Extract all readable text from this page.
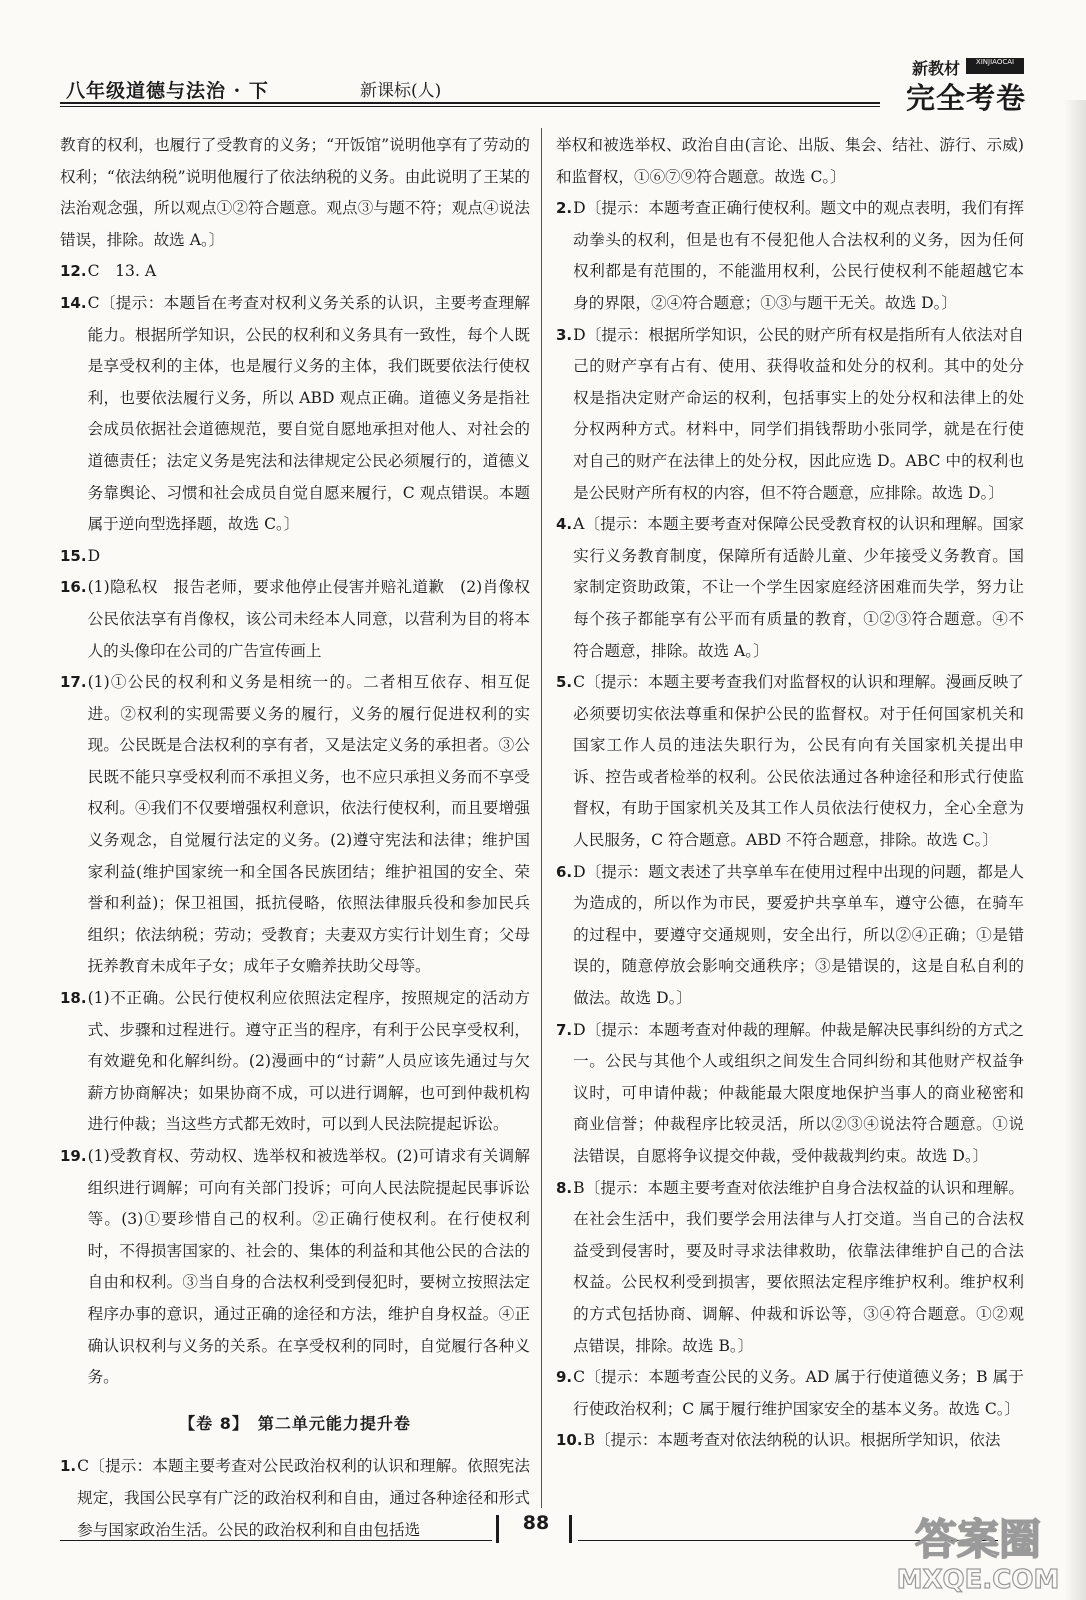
八年级道德与法治 · 下	新课标(人)
新教材	XINJIAOCAI
完全考卷

教育的权利，也履行了受教育的义务；“开饭馆”说明他享有了劳动的权利；“依法纳税”说明他履行了依法纳税的义务。由此说明了王某的法治观念强，所以观点①②符合题意。观点③与题不符；观点④说法错误，排除。故选 A。〕

12. C　13. A
14. C〔提示：本题旨在考查对权利义务关系的认识，主要考查理解能力。根据所学知识，公民的权利和义务具有一致性，每个人既是享受权利的主体，也是履行义务的主体，我们既要依法行使权利，也要依法履行义务，所以 ABD 观点正确。道德义务是指社会成员依据社会道德规范，要自觉自愿地承担对他人、对社会的道德责任；法定义务是宪法和法律规定公民必须履行的，道德义务靠舆论、习惯和社会成员自觉自愿来履行，C 观点错误。本题属于逆向型选择题，故选 C。〕
15. D
16. (1)隐私权　报告老师，要求他停止侵害并赔礼道歉　(2)肖像权　公民依法享有肖像权，该公司未经本人同意，以营利为目的将本人的头像印在公司的广告宣传画上
17. (1)①公民的权利和义务是相统一的。二者相互依存、相互促进。②权利的实现需要义务的履行，义务的履行促进权利的实现。公民既是合法权利的享有者，又是法定义务的承担者。③公民既不能只享受权利而不承担义务，也不应只承担义务而不享受权利。④我们不仅要增强权利意识，依法行使权利，而且要增强义务观念，自觉履行法定的义务。(2)遵守宪法和法律；维护国家利益(维护国家统一和全国各民族团结；维护祖国的安全、荣誉和利益)；保卫祖国，抵抗侵略，依照法律服兵役和参加民兵组织；依法纳税；劳动；受教育；夫妻双方实行计划生育；父母抚养教育未成年子女；成年子女赡养扶助父母等。
18. (1)不正确。公民行使权利应依照法定程序，按照规定的活动方式、步骤和过程进行。遵守正当的程序，有利于公民享受权利，有效避免和化解纠纷。(2)漫画中的“讨薪”人员应该先通过与欠薪方协商解决；如果协商不成，可以进行调解，也可到仲裁机构进行仲裁；当这些方式都无效时，可以到人民法院提起诉讼。
19. (1)受教育权、劳动权、选举权和被选举权。(2)可请求有关调解组织进行调解；可向有关部门投诉；可向人民法院提起民事诉讼等。(3)①要珍惜自己的权利。②正确行使权利。在行使权利时，不得损害国家的、社会的、集体的利益和其他公民的合法的自由和权利。③当自身的合法权利受到侵犯时，要树立按照法定程序办事的意识，通过正确的途径和方法，维护自身权益。④正确认识权利与义务的关系。在享受权利的同时，自觉履行各种义务。
【卷 8】　第二单元能力提升卷
1. C〔提示：本题主要考查对公民政治权利的认识和理解。依照宪法规定，我国公民享有广泛的政治权利和自由，通过各种途径和形式参与国家政治生活。公民的政治权利和自由包括选

举权和被选举权、政治自由(言论、出版、集会、结社、游行、示威)和监督权，①⑥⑦⑨符合题意。故选 C。〕

2. D〔提示：本题考查正确行使权利。题文中的观点表明，我们有挥动拳头的权利，但是也有不侵犯他人合法权利的义务，因为任何权利都是有范围的，不能滥用权利，公民行使权利不能超越它本身的界限，②④符合题意；①③与题干无关。故选 D。〕
3. D〔提示：根据所学知识，公民的财产所有权是指所有人依法对自己的财产享有占有、使用、获得收益和处分的权利。其中的处分权是指决定财产命运的权利，包括事实上的处分权和法律上的处分权两种方式。材料中，同学们捐钱帮助小张同学，就是在行使对自己的财产在法律上的处分权，因此应选 D。ABC 中的权利也是公民财产所有权的内容，但不符合题意，应排除。故选 D。〕
4. A〔提示：本题主要考查对保障公民受教育权的认识和理解。国家实行义务教育制度，保障所有适龄儿童、少年接受义务教育。国家制定资助政策，不让一个学生因家庭经济困难而失学，努力让每个孩子都能享有公平而有质量的教育，①②③符合题意。④不符合题意，排除。故选 A。〕
5. C〔提示：本题主要考查我们对监督权的认识和理解。漫画反映了必须要切实依法尊重和保护公民的监督权。对于任何国家机关和国家工作人员的违法失职行为，公民有向有关国家机关提出申诉、控告或者检举的权利。公民依法通过各种途径和形式行使监督权，有助于国家机关及其工作人员依法行使权力，全心全意为人民服务，C 符合题意。ABD 不符合题意，排除。故选 C。〕
6. D〔提示：题文表述了共享单车在使用过程中出现的问题，都是人为造成的，所以作为市民，要爱护共享单车，遵守公德，在骑车的过程中，要遵守交通规则，安全出行，所以②④正确；①是错误的，随意停放会影响交通秩序；③是错误的，这是自私自利的做法。故选 D。〕
7. D〔提示：本题考查对仲裁的理解。仲裁是解决民事纠纷的方式之一。公民与其他个人或组织之间发生合同纠纷和其他财产权益争议时，可申请仲裁；仲裁能最大限度地保护当事人的商业秘密和商业信誉；仲裁程序比较灵活，所以②③④说法符合题意。①说法错误，自愿将争议提交仲裁，受仲裁裁判约束。故选 D。〕
8. B〔提示：本题主要考查对依法维护自身合法权益的认识和理解。在社会生活中，我们要学会用法律与人打交道。当自己的合法权益受到侵害时，要及时寻求法律救助，依靠法律维护自己的合法权益。公民权利受到损害，要依照法定程序维护权利。维护权利的方式包括协商、调解、仲裁和诉讼等，③④符合题意。①②观点错误，排除。故选 B。〕
9. C〔提示：本题考查公民的义务。AD 属于行使道德义务；B 属于行使政治权利；C 属于履行维护国家安全的基本义务。故选 C。〕
10. B〔提示：本题考查对依法纳税的认识。根据所学知识，依法
88	答案圈
MXQE.COM
